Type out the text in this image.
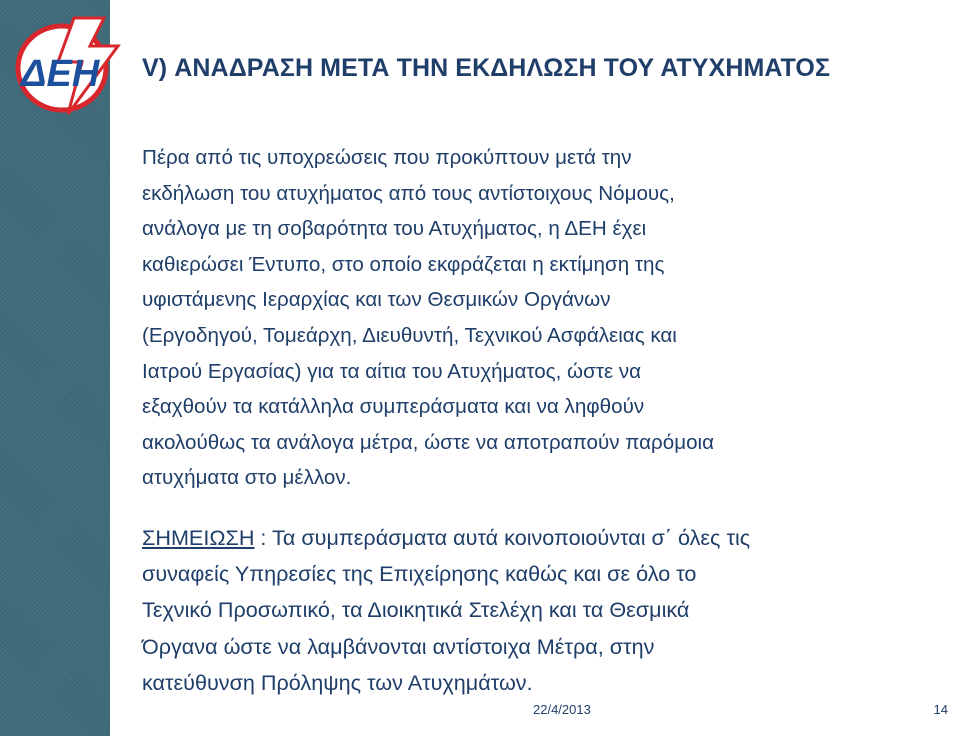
ΔΕΗ V) ΑΝΑΔΡΑΣΗ ΜΕΤΑ ΤΗΝ ΕΚΔΗΛΩΣΗ ΤΟΥ ΑΤΥΧΗΜΑΤΟΣ

Πέρα από τις υποχρεώσεις που προκύπτουν μετά την
εκδήλωση του ατυχήματος από τους αντίστοιχους Νόμους,
ανάλογα με τη σοβαρότητα του Ατυχήματος, η ΔΕΗ έχει
καθιερώσει Έντυπο, στο οποίο εκφράζεται η εκτίμηση της
υφιστάμενης Ιεραρχίας και των Θεσμικών Οργάνων
(Εργοδηγού, Τομεάρχη, Διευθυντή, Τεχνικού Ασφάλειας και
Ιατρού Εργασίας) για τα αίτια του Ατυχήματος, ώστε να
εξαχθούν τα κατάλληλα συμπεράσματα και να ληφθούν
ακολούθως τα ανάλογα μέτρα, ώστε να αποτραπούν παρόμοια
ατυχήματα στο μέλλον.

ΣΗΜΕΙΩΣΗ : Τα συμπεράσματα αυτά κοινοποιούνται σ΄ όλες τις
συναφείς Υπηρεσίες της Επιχείρησης καθώς και σε όλο το
Τεχνικό Προσωπικό, τα Διοικητικά Στελέχη και τα Θεσμικά
Όργανα ώστε να λαμβάνονται αντίστοιχα Μέτρα, στην
κατεύθυνση Πρόληψης των Ατυχημάτων.

22/4/2013	14
